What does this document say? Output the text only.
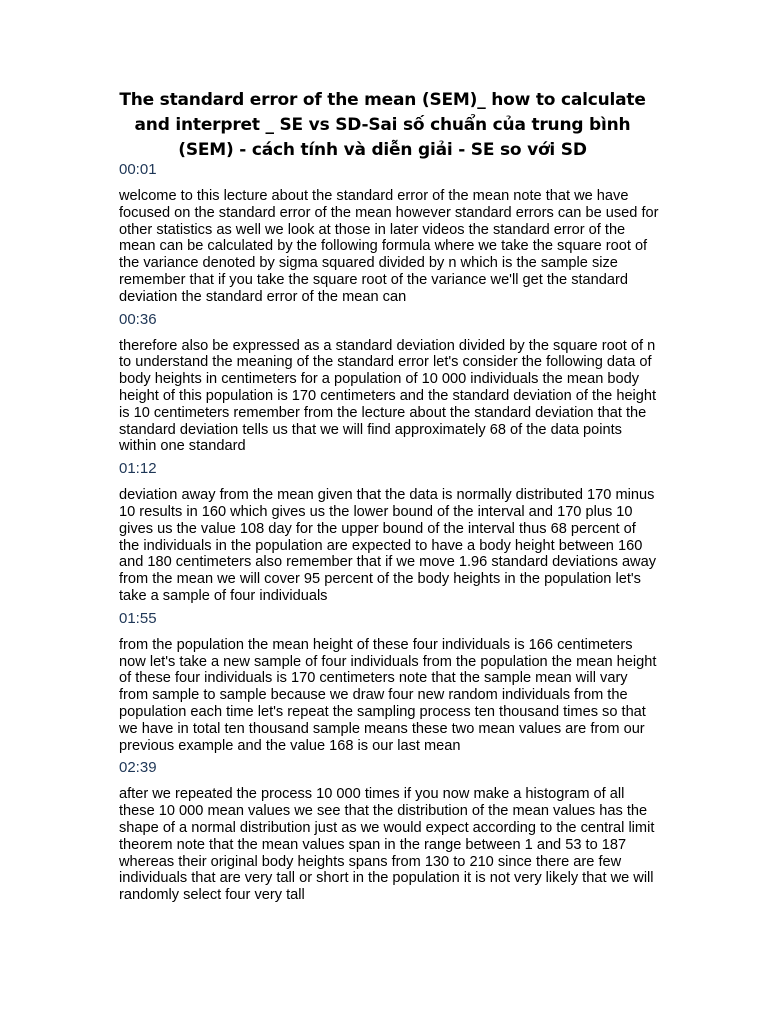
The standard error of the mean (SEM)_ how to calculate and interpret _ SE vs SD-Sai số chuẩn của trung bình (SEM) - cách tính và diễn giải - SE so với SD
00:01
welcome to this lecture about the standard error of the mean note that we have focused on the standard error of the mean however standard errors can be used for other statistics as well we look at those in later videos the standard error of the mean can be calculated by the following formula where we take the square root of the variance denoted by sigma squared divided by n which is the sample size remember that if you take the square root of the variance we'll get the standard deviation the standard error of the mean can
00:36
therefore also be expressed as a standard deviation divided by the square root of n to understand the meaning of the standard error let's consider the following data of body heights in centimeters for a population of 10 000 individuals the mean body height of this population is 170 centimeters and the standard deviation of the height is 10 centimeters remember from the lecture about the standard deviation that the standard deviation tells us that we will find approximately 68 of the data points within one standard
01:12
deviation away from the mean given that the data is normally distributed 170 minus 10 results in 160 which gives us the lower bound of the interval and 170 plus 10 gives us the value 108 day for the upper bound of the interval thus 68 percent of the individuals in the population are expected to have a body height between 160 and 180 centimeters also remember that if we move 1.96 standard deviations away from the mean we will cover 95 percent of the body heights in the population let's take a sample of four individuals
01:55
from the population the mean height of these four individuals is 166 centimeters now let's take a new sample of four individuals from the population the mean height of these four individuals is 170 centimeters note that the sample mean will vary from sample to sample because we draw four new random individuals from the population each time let's repeat the sampling process ten thousand times so that we have in total ten thousand sample means these two mean values are from our previous example and the value 168 is our last mean
02:39
after we repeated the process 10 000 times if you now make a histogram of all these 10 000 mean values we see that the distribution of the mean values has the shape of a normal distribution just as we would expect according to the central limit theorem note that the mean values span in the range between 1 and 53 to 187 whereas their original body heights spans from 130 to 210 since there are few individuals that are very tall or short in the population it is not very likely that we will randomly select four very tall
